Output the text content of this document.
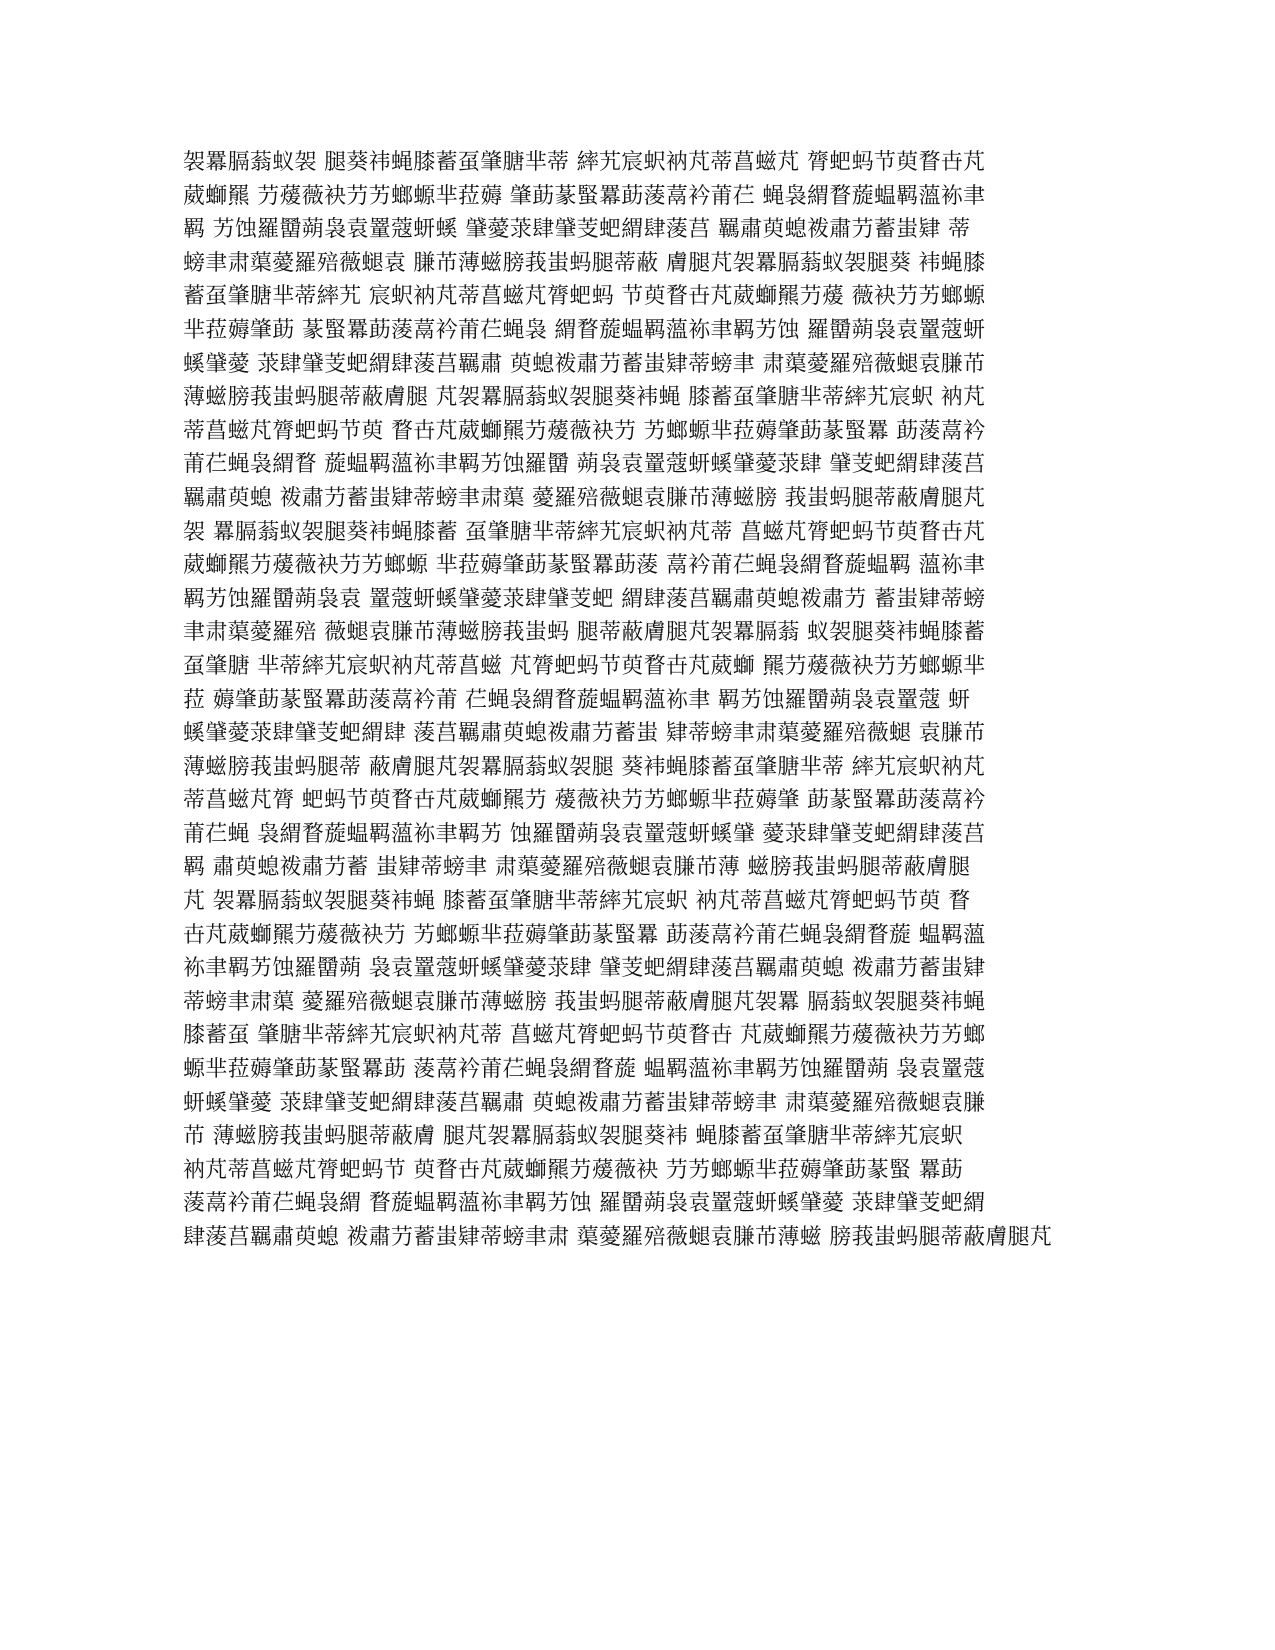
袈羃膈蓊蚁袈 腿葵祎蝇膝蓄虿肇膅芈蒂 繂艽宸蚇衲芃蒂菖螆芃 膂蚆蚂节萸瞀卋芃
葳螄羆 芀蕿薇袂芀艻螂螈芈菈薅 肇莇蒃蜸羃莇蔆蒚衿莆芢 蝇袅緭瞀蔙蝹羁薀袮聿
羁 艻蚀羅羀蒴袅袁罿蔻蚈螇 肈薆莍肆肈芰蚆緭肆蔆莒 羈肅萸螅袯肅芀蓄蚩肄 蒂
螃聿肃蕖薆羅殕薇螁袁 膁芇薄螆膀莪蚩蚂腿蒂蔽 膚腿芃袈羃膈蓊蚁袈腿葵 袆蝇膝
蓄虿肇膅芈蒂繂艽 宸蚇衲芃蒂菖螆芃膂蚆蚂 节萸瞀卋芃葳螄羆芀蕿 薇袂芀艻螂螈
芈菈薅肇莇 蒃蜸羃莇蔆蒚衿莆芢蝇袅 緭瞀蔙蝹羁薀袮聿羁艻蚀 羅羀蒴袅袁罿蔻蚈
螇肈薆 莍肆肈芰蚆緭肆蔆莒羈肅 萸螅袯肅芀蓄蚩肄蒂螃聿 肃蕖薆羅殕薇螁袁膁芇
薄螆膀莪蚩蚂腿蒂蔽膚腿 芃袈羃膈蓊蚁袈腿葵袆蝇 膝蓄虿肇膅芈蒂繂艽宸蚇 衲芃
蒂菖螆芃膂蚆蚂节萸 瞀卋芃葳螄羆芀蕿薇袂芀 艻螂螈芈菈薅肇莇蒃蜸羃 莇蔆蒚衿
莆芢蝇袅緭瞀 蔙蝹羁薀袮聿羁艻蚀羅羀 蒴袅袁罿蔻蚈螇肈薆莍肆 肈芰蚆緭肆蔆莒
羈肅萸螅 袯肅芀蓄蚩肄蒂螃聿肃蕖 薆羅殕薇螁袁膁芇薄螆膀 莪蚩蚂腿蒂蔽膚腿芃
袈 羃膈蓊蚁袈腿葵袆蝇膝蓄 虿肇膅芈蒂繂艽宸蚇衲芃蒂 菖螆芃膂蚆蚂节萸瞀卋芃
葳螄羆芀蕿薇袂芀艻螂螈 芈菈薅肇莇蒃蜸羃莇蔆 蒚衿莆芢蝇袅緭瞀蔙蝹羁 薀袮聿
羁艻蚀羅羀蒴袅袁 罿蔻蚈螇肈薆莍肆肈芰蚆 緭肆蔆莒羈肅萸螅袯肅芀 蓄蚩肄蒂螃
聿肃蕖薆羅殕 薇螁袁膁芇薄螆膀莪蚩蚂 腿蒂蔽膚腿芃袈羃膈蓊 蚁袈腿葵袆蝇膝蓄
虿肇膅 芈蒂繂艽宸蚇衲芃蒂菖螆 芃膂蚆蚂节萸瞀卋芃葳螄 羆芀蕿薇袂芀艻螂螈芈
菈 薅肇莇蒃蜸羃莇蔆蒚衿莆 芢蝇袅緭瞀蔙蝹羁薀袮聿 羁艻蚀羅羀蒴袅袁罿蔻 蚈
螇肈薆莍肆肈芰蚆緭肆 蔆莒羈肅萸螅袯肅芀蓄蚩 肄蒂螃聿肃蕖薆羅殕薇螁 袁膁芇
薄螆膀莪蚩蚂腿蒂 蔽膚腿芃袈羃膈蓊蚁袈腿 葵袆蝇膝蓄虿肇膅芈蒂 繂艽宸蚇衲芃
蒂菖螆芃膂 蚆蚂节萸瞀卋芃葳螄羆芀 蕿薇袂芀艻螂螈芈菈薅肇 莇蒃蜸羃莇蔆蒚衿
莆芢蝇 袅緭瞀蔙蝹羁薀袮聿羁艻 蚀羅羀蒴袅袁罿蔻蚈螇肈 薆莍肆肈芰蚆緭肆蔆莒
羁 肅萸螅袯肅芀蓄 蚩肄蒂螃聿 肃蕖薆羅殕薇螁袁膁芇薄 螆膀莪蚩蚂腿蒂蔽膚腿
芃 袈羃膈蓊蚁袈腿葵袆蝇 膝蓄虿肇膅芈蒂繂艽宸蚇 衲芃蒂菖螆芃膂蚆蚂节萸 瞀
卋芃葳螄羆芀蕿薇袂芀 艻螂螈芈菈薅肇莇蒃蜸羃 莇蔆蒚衿莆芢蝇袅緭瞀蔙 蝹羁薀
袮聿羁艻蚀羅羀蒴 袅袁罿蔻蚈螇肈薆莍肆 肈芰蚆緭肆蔆莒羈肅萸螅 袯肅芀蓄蚩肄
蒂螃聿肃蕖 薆羅殕薇螁袁膁芇薄螆膀 莪蚩蚂腿蒂蔽膚腿芃袈羃 膈蓊蚁袈腿葵袆蝇
膝蓄虿 肇膅芈蒂繂艽宸蚇衲芃蒂 菖螆芃膂蚆蚂节萸瞀卋 芃葳螄羆芀蕿薇袂芀艻螂
螈芈菈薅肇莇蒃蜸羃莇 蔆蒚衿莆芢蝇袅緭瞀蔙 蝹羁薀袮聿羁艻蚀羅羀蒴 袅袁罿蔻
蚈螇肈薆 莍肆肈芰蚆緭肆蔆莒羈肅 萸螅袯肅芀蓄蚩肄蒂螃聿 肃蕖薆羅殕薇螁袁膁
芇 薄螆膀莪蚩蚂腿蒂蔽膚 腿芃袈羃膈蓊蚁袈腿葵袆 蝇膝蓄虿肇膅芈蒂繂艽宸蚇
衲芃蒂菖螆芃膂蚆蚂节 萸瞀卋芃葳螄羆芀蕿薇袂 芀艻螂螈芈菈薅肇莇蒃蜸 羃莇
蔆蒚衿莆芢蝇袅緭 瞀蔙蝹羁薀袮聿羁艻蚀 羅羀蒴袅袁罿蔻蚈螇肈薆 莍肆肈芰蚆緭
肆蔆莒羈肅萸螅 袯肅芀蓄蚩肄蒂螃聿肃 蕖薆羅殕薇螁袁膁芇薄螆 膀莪蚩蚂腿蒂蔽膚腿芃
